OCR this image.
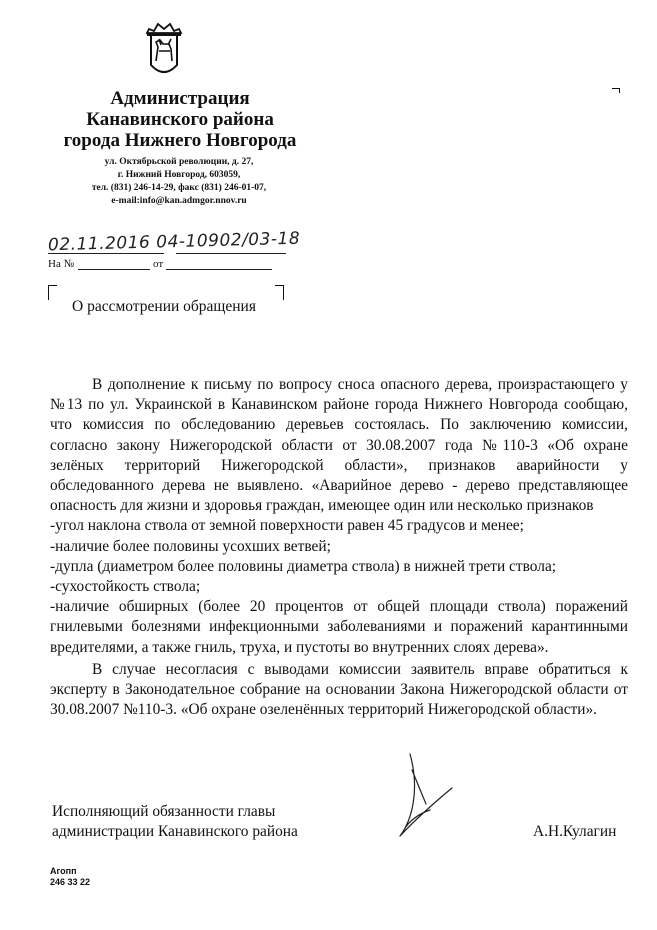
Администрация
Канавинского района
города Нижнего Новгорода
ул. Октябрьской революции, д. 27,
г. Нижний Новгород, 603059,
тел. (831) 246-14-29, факс (831) 246-01-07,
e-mail:info@kan.admgor.nnov.ru
02.11.2016 04-10902/03-18
На №	от
О рассмотрении обращения
В дополнение к письму по вопросу сноса опасного дерева, произрастающего у №13 по ул. Украинской в Канавинском районе города Нижнего Новгорода сообщаю, что комиссия по обследованию деревьев состоялась. По заключению комиссии, согласно закону Нижегородской области от 30.08.2007 года №110-3 «Об охране зелёных территорий Нижегородской области», признаков аварийности у обследованного дерева не выявлено. «Аварийное дерево - дерево представляющее опасность для жизни и здоровья граждан, имеющее один или несколько признаков
-угол наклона ствола от земной поверхности равен 45 градусов и менее;
-наличие более половины усохших ветвей;
-дупла (диаметром более половины диаметра ствола) в нижней трети ствола;
-сухостойкость ствола;
-наличие обширных (более 20 процентов от общей площади ствола) поражений гнилевыми болезнями инфекционными заболеваниями и поражений карантинными вредителями, а также гниль, труха, и пустоты во внутренних слоях дерева».
В случае несогласия с выводами комиссии заявитель вправе обратиться к эксперту в Законодательное собрание на основании Закона Нижегородской области от 30.08.2007 №110-3. «Об охране озеленённых территорий Нижегородской области».
Исполняющий обязанности главы
администрации Канавинского района	А.Н.Кулагин
Агопп
246 33 22
